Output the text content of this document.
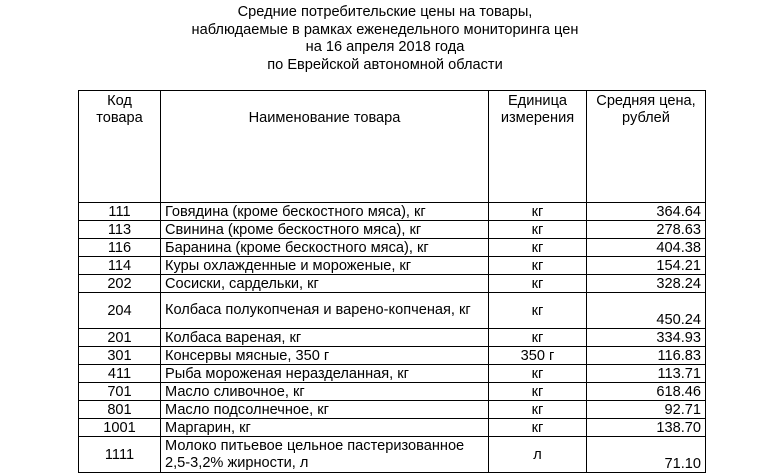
Средние потребительские цены на товары,
наблюдаемые в рамках еженедельного мониторинга цен
на 16 апреля 2018 года
по Еврейской автономной области
Код товара	Наименование товара	Единица измерения	Средняя цена, рублей
111	Говядина (кроме бескостного мяса), кг	кг	364.64
113	Свинина (кроме бескостного мяса), кг	кг	278.63
116	Баранина (кроме бескостного мяса), кг	кг	404.38
114	Куры охлажденные и мороженые, кг	кг	154.21
202	Сосиски, сардельки, кг	кг	328.24
204	Колбаса полукопченая и варено-копченая, кг	кг	450.24
201	Колбаса вареная, кг	кг	334.93
301	Консервы мясные, 350 г	350 г	116.83
411	Рыба мороженая неразделанная, кг	кг	113.71
701	Масло сливочное, кг	кг	618.46
801	Масло подсолнечное, кг	кг	92.71
1001	Маргарин, кг	кг	138.70
1111	Молоко питьевое цельное пастеризованное 2,5-3,2% жирности, л	л	71.10
